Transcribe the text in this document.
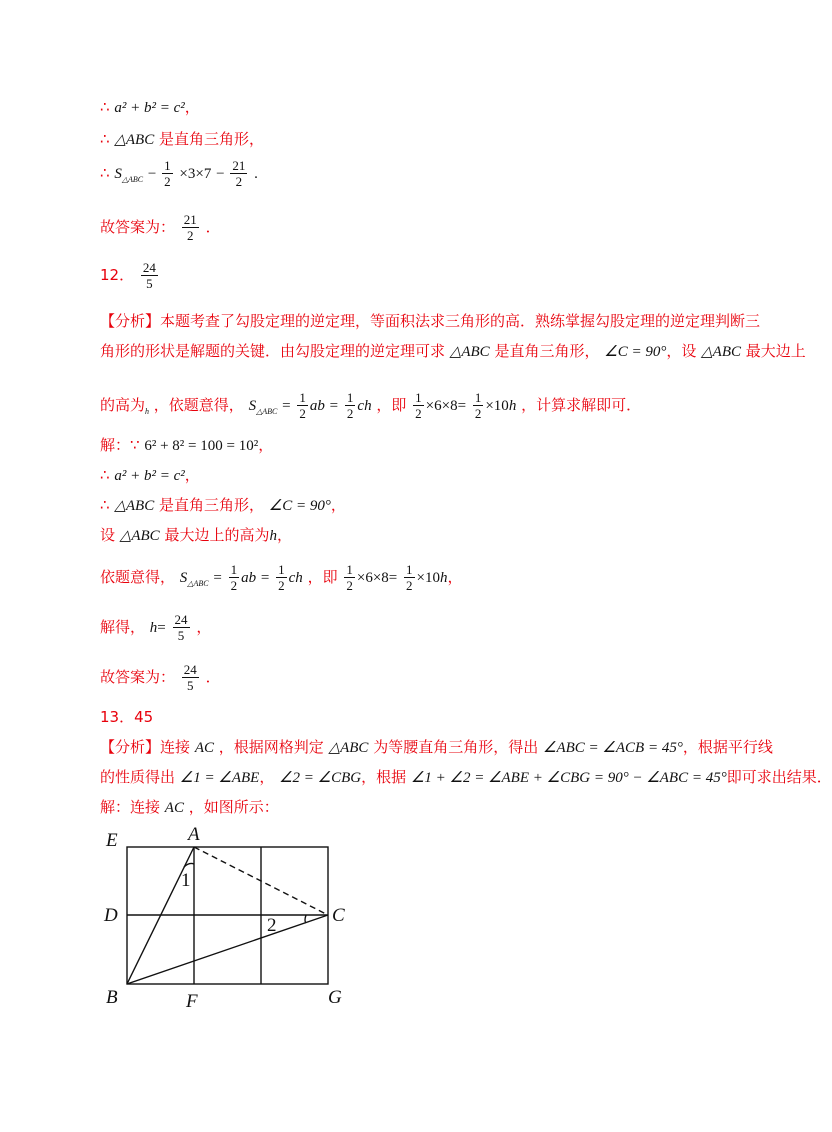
∴ a² + b² = c²，
∴ △ABC 是直角三角形，
∴ $S_{\triangle ABC} - \frac{1}{2} \times 3\times 7 - \frac{21}{2}$ .
故答案为： $\frac{21}{2}$ ．
12． $\frac{24}{5}$
【分析】本题考查了勾股定理的逆定理，等面积法求三角形的高．熟练掌握勾股定理的逆定理判断三
角形的形状是解题的关键．由勾股定理的逆定理可求 △ABC 是直角三角形， ∠C = 90°，设 △ABC 最大边上
的高为$_h$ ，依题意得， $S_{\triangle ABC} = \frac{1}{2}$ ab = $\frac{1}{2}$ ch ，即 $\frac{1}{2} \times 6\times 8= \frac{1}{2} \times 10h$ ，计算求解即可．
解：∵ 6² + 8² = 100 = 10²，
∴ a² + b² = c²，
∴ △ABC 是直角三角形， ∠C = 90°，
设 △ABC 最大边上的高为h，
依题意得， $S_{\triangle ABC} = \frac{1}{2}$ ab = $\frac{1}{2}$ ch ，即 $\frac{1}{2} \times 6\times 8= \frac{1}{2} \times 10h$，
解得， $h= \frac{24}{5}$ ，
故答案为： $\frac{24}{5}$ ．
13．45
【分析】连接 AC ，根据网格判定 △ABC 为等腰直角三角形，得出 ∠ABC = ∠ACB = 45°，根据平行线
的性质得出 ∠1 = ∠ABE， ∠2 = ∠CBG，根据 ∠1 + ∠2 = ∠ABE + ∠CBG = 90° − ∠ABC = 45°即可求出结果．
解：连接 AC ，如图所示：
E	A
1
D	2	C
B	F	G
